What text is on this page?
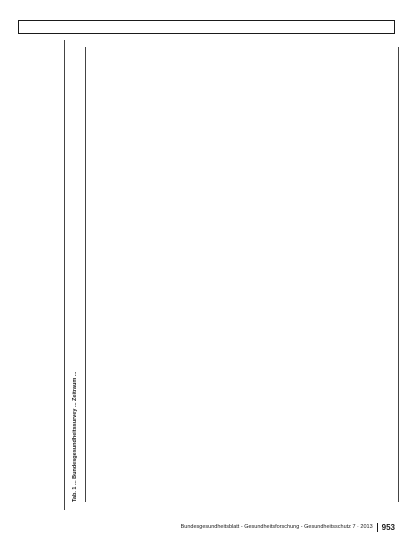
Tab. 1 ... Bundesgesundheitssurvey ... Zeitraum ...
Bundesgesundheitsblatt - Gesundheitsforschung - Gesundheitsschutz 7 · 2013 953
